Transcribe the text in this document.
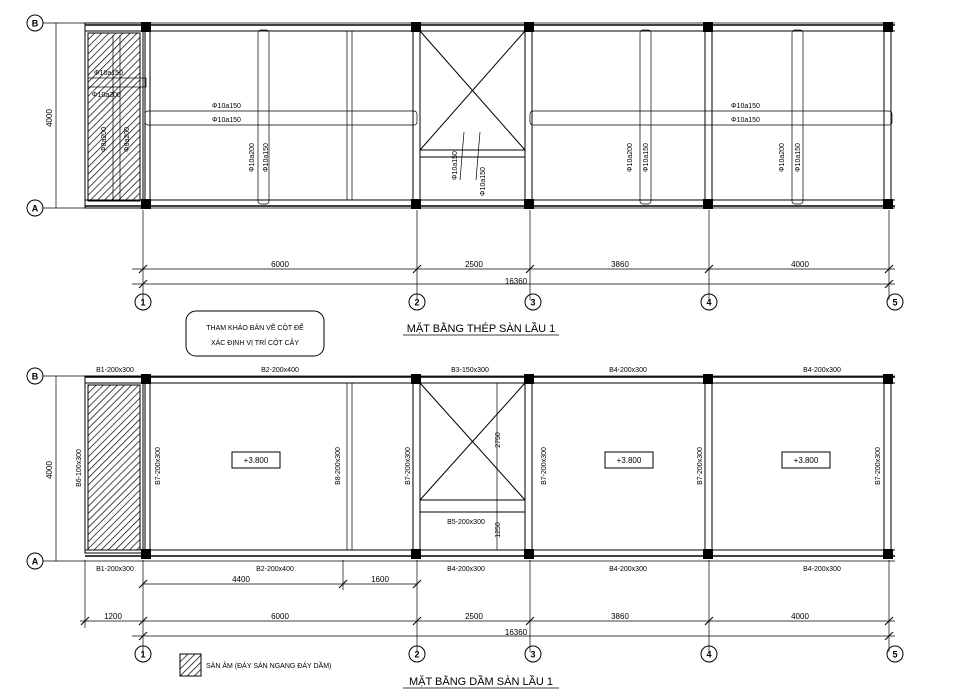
B
A
4000
Φ10a150
Φ10a150
Φ10a150
Φ10a200
Φ8a200 Φ8a200
Φ10a150
Φ10a150
Φ10a200 Φ10a150
Φ10a150
Φ10a150
Φ10a200 Φ10a150	Φ10a200 Φ10a150
6000	2500	3860	4000
16360
1	2	3	4	5
THAM KHẢO BẢN VẼ CỘT ĐỂ
XÁC ĐỊNH VỊ TRÍ CỘT CÂY
MẶT BẰNG THÉP SÀN LẦU 1
B
A
4000
2750
1250
B5-200x300
B1-200x300	B2-200x400	B3-150x300	B4-200x300	B4-200x300
B1-200x300	B2-200x400	B4-200x300	B4-200x300	B4-200x300
B6-100x300	B7-200x300	B8-200x300	B7-200x300	B7-200x300	B7-200x300	B7-200x300
+3.800	+3.800	+3.800
4400	1600
1200	6000	2500	3860	4000
16360
1	2	3	4	5
SÀN ÂM (ĐÁY SÀN NGANG ĐÁY DẦM)
MẶT BẰNG DẦM SÀN LẦU 1
